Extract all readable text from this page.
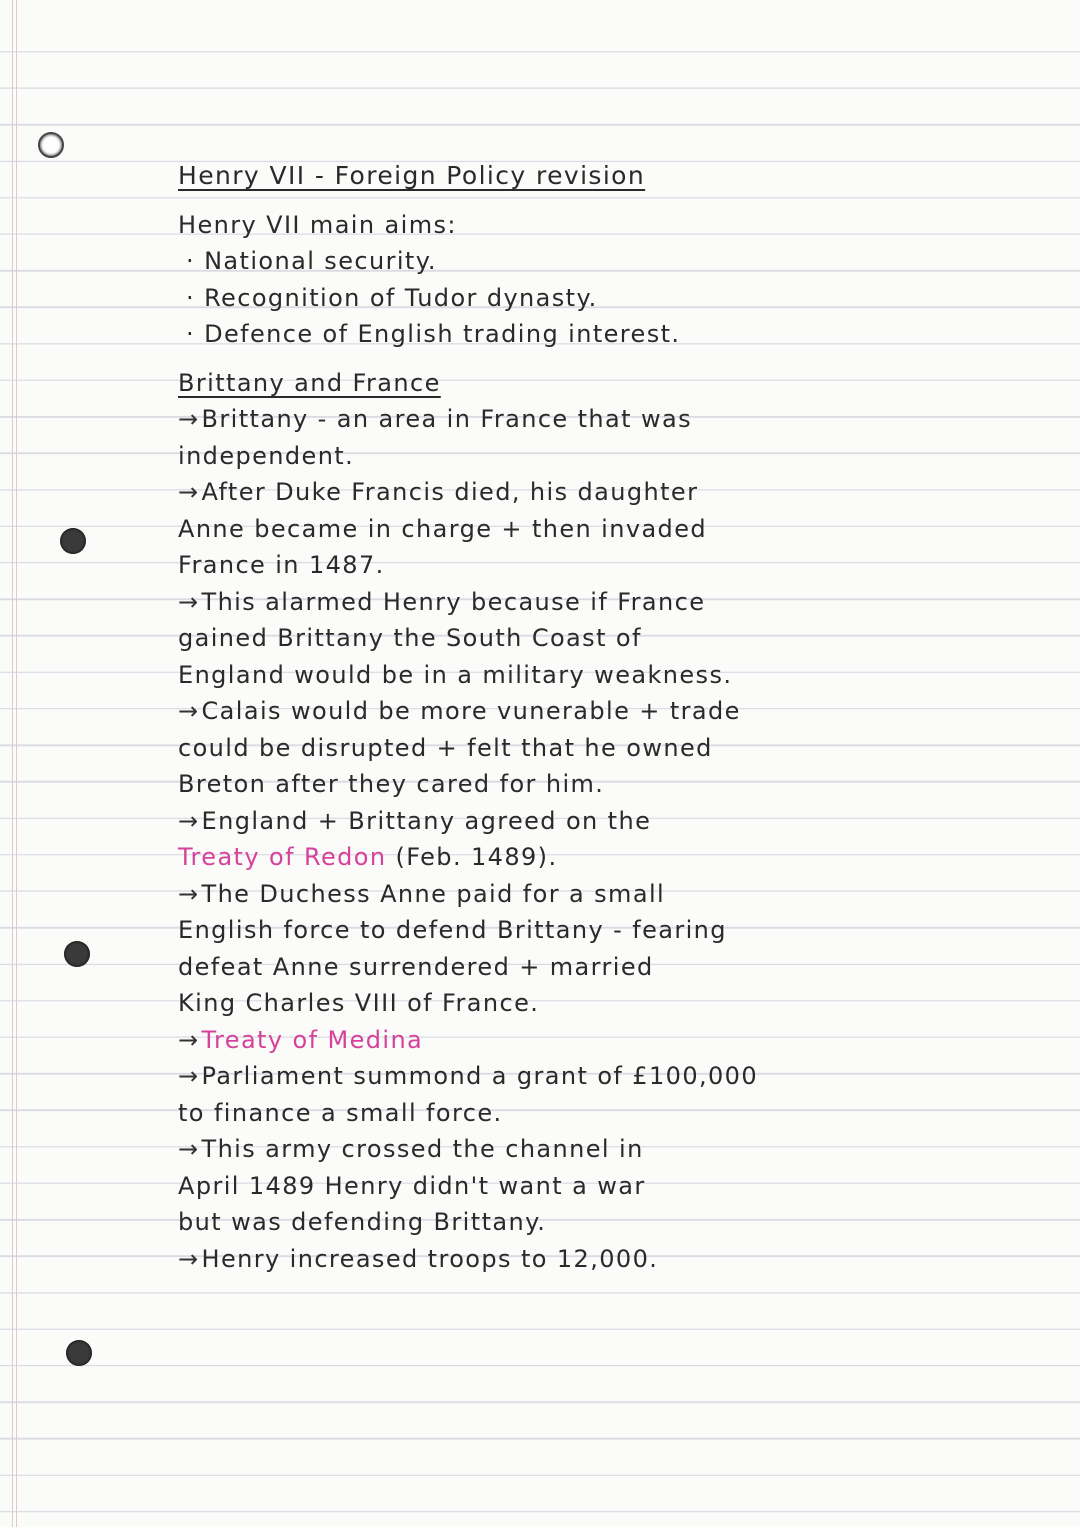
Henry VII - Foreign Policy revision
Henry VII main aims:
· National security.
· Recognition of Tudor dynasty.
· Defence of English trading interest.
Brittany and France
→Brittany - an area in France that was
independent.
→After Duke Francis died, his daughter
Anne became in charge + then invaded
France in 1487.
→This alarmed Henry because if France
gained Brittany the South Coast of
England would be in a military weakness.
→Calais would be more vunerable + trade
could be disrupted + felt that he owned
Breton after they cared for him.
→England + Brittany agreed on the
Treaty of Redon (Feb. 1489).
→The Duchess Anne paid for a small
English force to defend Brittany - fearing
defeat Anne surrendered + married
King Charles VIII of France.
→Treaty of Medina
→Parliament summond a grant of £100,000
to finance a small force.
→This army crossed the channel in
April 1489 Henry didn't want a war
but was defending Brittany.
→Henry increased troops to 12,000.
